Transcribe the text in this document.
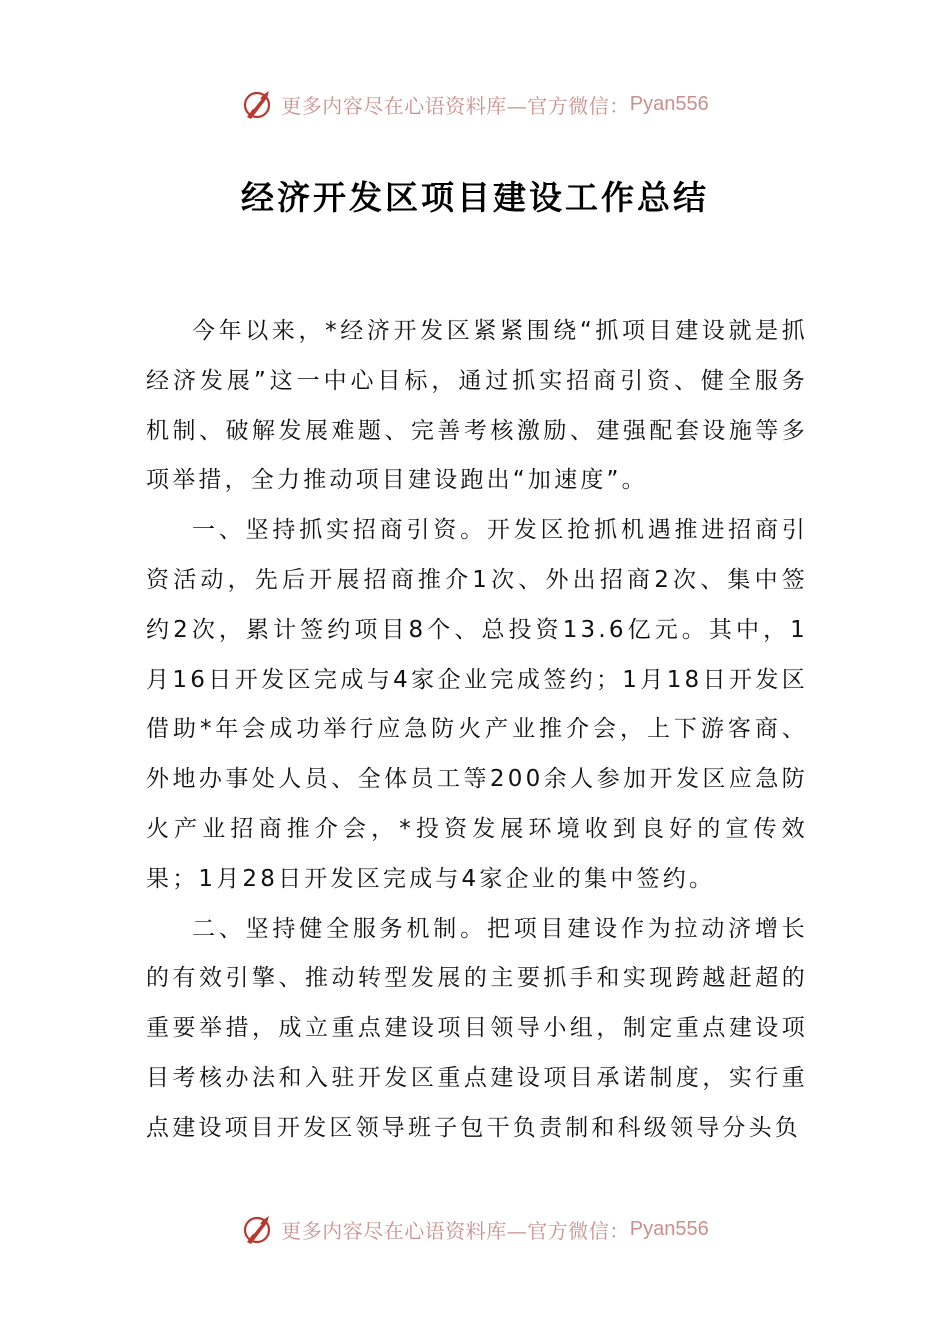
更多内容尽在心语资料库—官方微信： Pyan556
经济开发区项目建设工作总结

今年以来，*经济开发区紧紧围绕“抓项目建设就是抓经济发展”这一中心目标，通过抓实招商引资、健全服务机制、破解发展难题、完善考核激励、建强配套设施等多项举措，全力推动项目建设跑出“加速度”。

一、坚持抓实招商引资。开发区抢抓机遇推进招商引资活动，先后开展招商推介1次、外出招商2次、集中签约2次，累计签约项目8个、总投资13.6亿元。其中，1月16日开发区完成与4家企业完成签约；1月18日开发区借助*年会成功举行应急防火产业推介会，上下游客商、外地办事处人员、全体员工等200余人参加开发区应急防火产业招商推介会，*投资发展环境收到良好的宣传效果；1月28日开发区完成与4家企业的集中签约。

二、坚持健全服务机制。把项目建设作为拉动济增长的有效引擎、推动转型发展的主要抓手和实现跨越赶超的重要举措，成立重点建设项目领导小组，制定重点建设项目考核办法和入驻开发区重点建设项目承诺制度，实行重点建设项目开发区领导班子包干负责制和科级领导分头负

更多内容尽在心语资料库—官方微信： Pyan556
